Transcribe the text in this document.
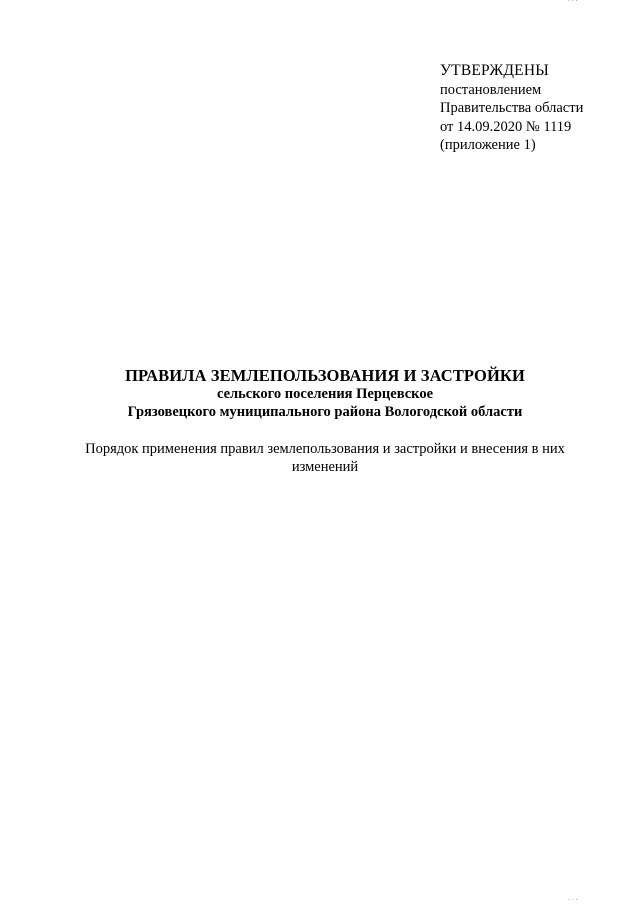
· · ·
УТВЕРЖДЕНЫ
постановлением
Правительства области
от 14.09.2020 № 1119
(приложение 1)
ПРАВИЛА ЗЕМЛЕПОЛЬЗОВАНИЯ И ЗАСТРОЙКИ
сельского поселения Перцевское
Грязовецкого муниципального района Вологодской области
Порядок применения правил землепользования и застройки и внесения в них
изменений
· · ·
